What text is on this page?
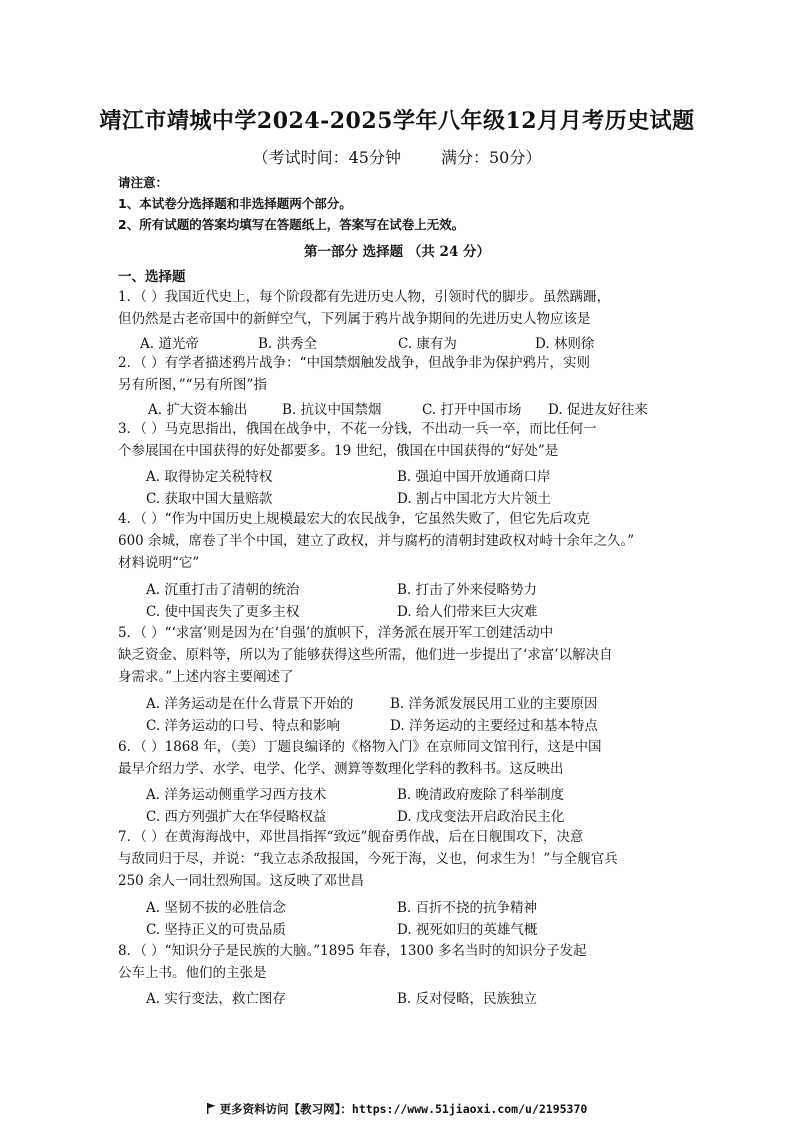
靖江市靖城中学2024-2025学年八年级12月月考历史试题
（考试时间：45分钟	满分：50分）
请注意：
1、本试卷分选择题和非选择题两个部分。
2、所有试题的答案均填写在答题纸上，答案写在试卷上无效。
第一部分 选择题 （共 24 分）
一、选择题
1．（ ）我国近代史上，每个阶段都有先进历史人物，引领时代的脚步。虽然蹒跚，
但仍然是古老帝国中的新鲜空气，下列属于鸦片战争期间的先进历史人物应该是
A. 道光帝	B. 洪秀全	C. 康有为	D. 林则徐
2．（ ）有学者描述鸦片战争：“中国禁烟触发战争，但战争非为保护鸦片，实则
另有所图，”“另有所图”指
A. 扩大资本输出	B. 抗议中国禁烟	C. 打开中国市场 D. 促进友好往来
3．（ ）马克思指出，俄国在战争中，不花一分钱，不出动一兵一卒，而比任何一
个参展国在中国获得的好处都要多。19 世纪，俄国在中国获得的“好处”是
A. 取得协定关税特权	B. 强迫中国开放通商口岸
C. 获取中国大量赔款	D. 割占中国北方大片领土
4．（ ）“作为中国历史上规模最宏大的农民战争，它虽然失败了，但它先后攻克
600 余城，席卷了半个中国，建立了政权，并与腐朽的清朝封建政权对峙十余年之久。”
材料说明“它”
A. 沉重打击了清朝的统治	B. 打击了外来侵略势力
C. 使中国丧失了更多主权	D. 给人们带来巨大灾难
5．（ ）“‘求富’则是因为在‘自强’的旗帜下，洋务派在展开军工创建活动中
缺乏资金、原料等，所以为了能够获得这些所需，他们进一步提出了‘求富’以解决自
身需求。”上述内容主要阐述了
A. 洋务运动是在什么背景下开始的	B. 洋务派发展民用工业的主要原因
C. 洋务运动的口号、特点和影响	D. 洋务运动的主要经过和基本特点
6．（ ）1868 年，（美）丁题良编译的《格物入门》在京师同文馆刊行，这是中国
最早介绍力学、水学、电学、化学、测算等数理化学科的教科书。这反映出
A. 洋务运动侧重学习西方技术	B. 晚清政府废除了科举制度
C. 西方列强扩大在华侵略权益	D. 戊戌变法开启政治民主化
7．（ ）在黄海海战中，邓世昌指挥“致远”舰奋勇作战，后在日舰围攻下，决意
与敌同归于尽，并说：“我立志杀敌报国，今死于海，义也，何求生为！”与全舰官兵
250 余人一同壮烈殉国。这反映了邓世昌
A. 坚韧不拔的必胜信念	B. 百折不挠的抗争精神
C. 坚持正义的可贵品质	D. 视死如归的英雄气概
8．（ ）“知识分子是民族的大脑。”1895 年春，1300 多名当时的知识分子发起
公车上书。他们的主张是
A. 实行变法，救亡图存	B. 反对侵略，民族独立
更多资料访问【教习网】：https://www.51jiaoxi.com/u/2195370
